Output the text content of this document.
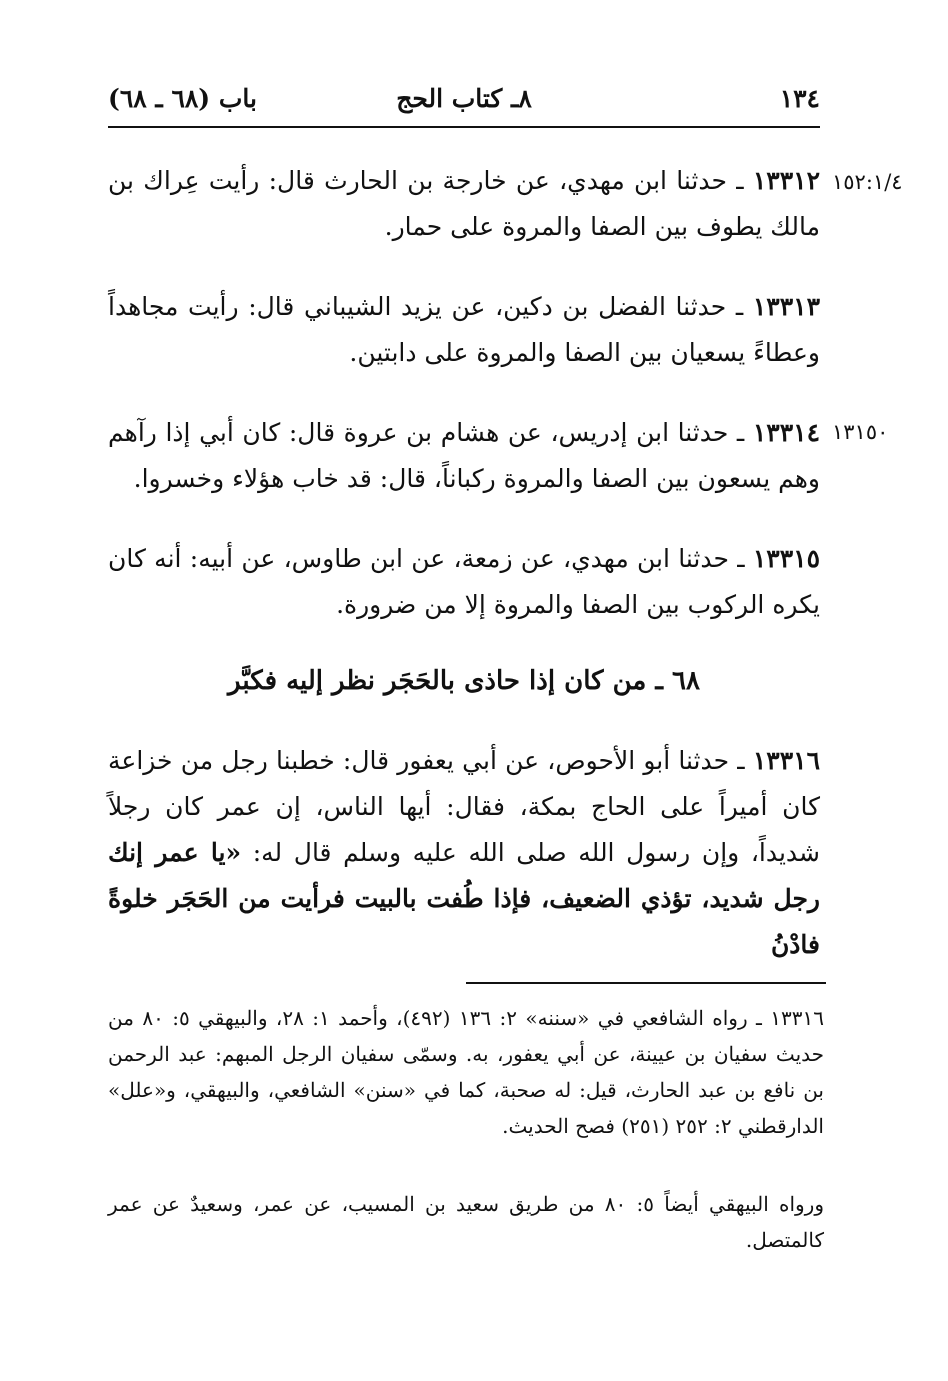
١٣٤
٨ـ كتاب الحج
باب (٦٨ ـ ٦٨)
١٥٢:١/٤
١٣١٥٠
١٣٣١٢ ـ حدثنا ابن مهدي، عن خارجة بن الحارث قال: رأيت عِراك بن مالك يطوف بين الصفا والمروة على حمار.
١٣٣١٣ ـ حدثنا الفضل بن دكين، عن يزيد الشيباني قال: رأيت مجاهداً وعطاءً يسعيان بين الصفا والمروة على دابتين.
١٣٣١٤ ـ حدثنا ابن إدريس، عن هشام بن عروة قال: كان أبي إذا رآهم وهم يسعون بين الصفا والمروة ركباناً، قال: قد خاب هؤلاء وخسروا.
١٣٣١٥ ـ حدثنا ابن مهدي، عن زمعة، عن ابن طاوس، عن أبيه: أنه كان يكره الركوب بين الصفا والمروة إلا من ضرورة.
٦٨ ـ من كان إذا حاذى بالحَجَر نظر إليه فكبَّر
١٣٣١٦ ـ حدثنا أبو الأحوص، عن أبي يعفور قال: خطبنا رجل من خزاعة كان أميراً على الحاج بمكة، فقال: أيها الناس، إن عمر كان رجلاً شديداً، وإن رسول الله صلى الله عليه وسلم قال له: «يا عمر إنك رجل شديد، تؤذي الضعيف، فإذا طُفت بالبيت فرأيت من الحَجَر خلوةً فادْنُ
١٣٣١٦ ـ رواه الشافعي في «سننه» ٢: ١٣٦ (٤٩٢)، وأحمد ١: ٢٨، والبيهقي ٥: ٨٠ من حديث سفيان بن عيينة، عن أبي يعفور، به. وسمّى سفيان الرجل المبهم: عبد الرحمن بن نافع بن عبد الحارث، قيل: له صحبة، كما في «سنن» الشافعي، والبيهقي، و«علل» الدارقطني ٢: ٢٥٢ (٢٥١) فصح الحديث.
ورواه البيهقي أيضاً ٥: ٨٠ من طريق سعيد بن المسيب، عن عمر، وسعيدٌ عن عمر كالمتصل.
